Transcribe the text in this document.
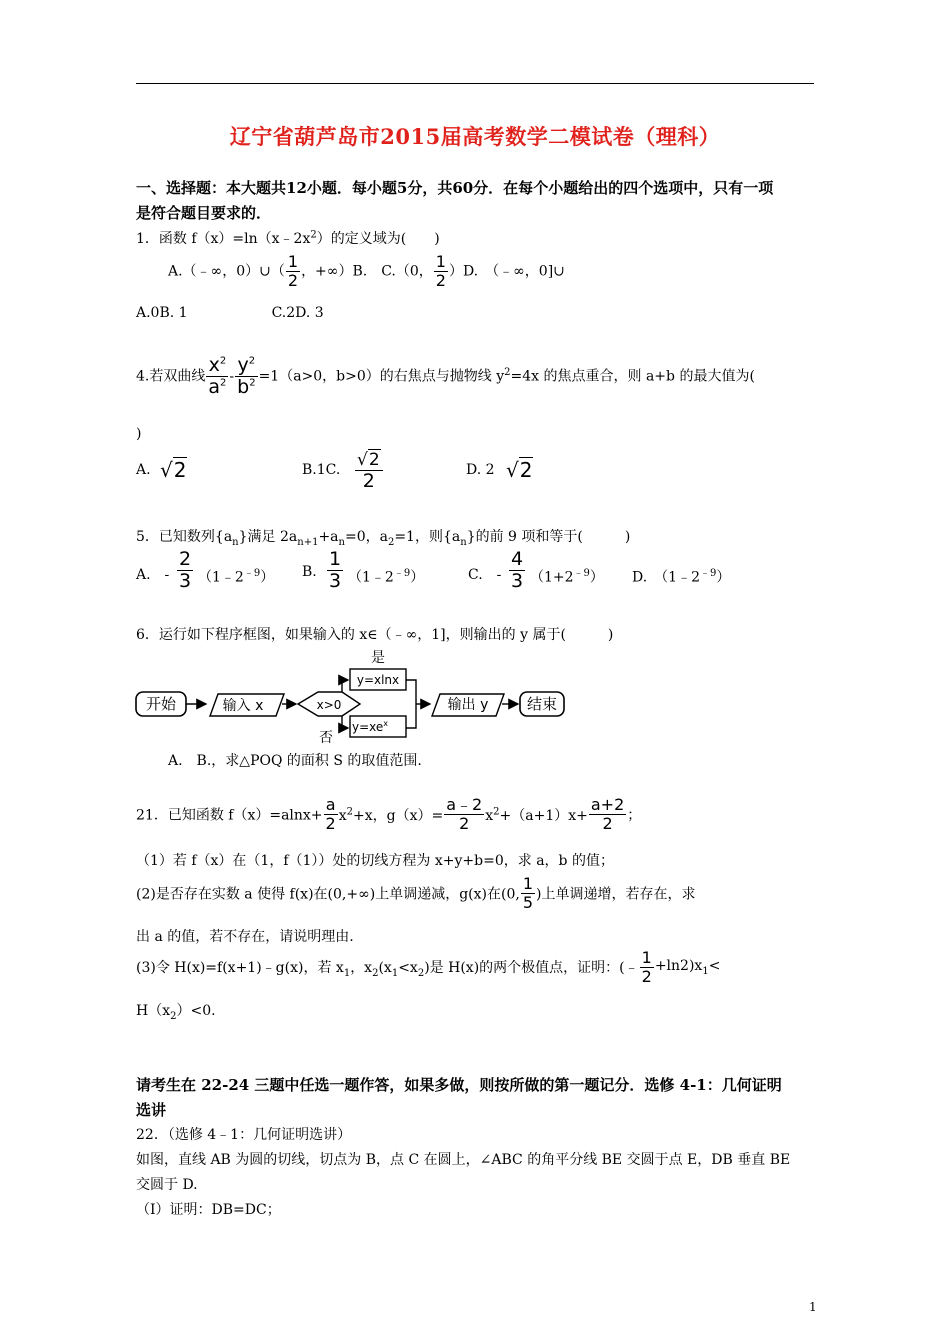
辽宁省葫芦岛市2015届高考数学二模试卷（理科）
一、选择题：本大题共12小题．每小题5分，共60分．在每个小题给出的四个选项中，只有一项
是符合题目要求的．
1．函数 $f(x)=\ln(x﹣2x^2)$的定义域为(　　)
A.（﹣∞，0）∪（ $\frac{1}{2}$ ，+∞）B.　C.（0， $\frac{1}{2} )D$.　（﹣∞，0]∪
A.0B. 1　　　　　　C.2D. 3
4.若双曲线 $\frac{x^2}{a^2} - \frac{y^2}{b^2} =1(a>0$，b>0）的右焦点与抛物线 $y^2=4x$ 的焦点重合，则 a+b 的最大值为(
)
A. √2	B.1C. $\frac{√2}{2}$	D. 2 √2
5．已知数列$\{a_n\}$满足 $2a_{n+1}+a_n=0$，$a_2=1$，则$\{a_n\}$的前 9 项和等于(　　　)
A.　- $\frac{2}{3}$ $(1﹣2^{﹣9})$ B. $\frac{1}{3}$ $(1﹣2^{﹣9})$	C.　- $\frac{4}{3} (1+2^{﹣9})$ D.　$(1﹣2^{﹣9})$
6．运行如下程序框图，如果输入的 x∈（﹣∞，1]，则输出的 y 属于(　　　)
开始	输入 x	x>0
是
y=xlnx
$y=xe^x$
否
输出 y	结束
A.　B.，求△POQ 的面积 S 的取值范围.
21．已知函数 $f(x)=alnx+ \frac{a}{2} x^2+x$，$g(x)= \frac{a﹣2}{2} x^2+(a+1)x+ \frac{a+2}{2}$ ；
（1）若 f（x）在（1，f（1））处的切线方程为 x+y+b=0，求 a，b 的值；
(2)是否存在实数 a 使得 f(x)在(0,+∞)上单调递减，g(x)在(0, $\frac{1}{5}$ )上单调递增，若存在，求
出 a 的值，若不存在，请说明理由.
(3)令 H(x)=f(x+1)﹣g(x)，若 $x_1$，$x_2(x_1<x_2)$是 H(x)的两个极值点，证明：(﹣ $\frac{1}{2} +\ln 2)x_1<$
$H(x_2)<0$.
请考生在 22-24 三题中任选一题作答，如果多做，则按所做的第一题记分．选修 4-1：几何证明
选讲
22．（选修 4﹣1：几何证明选讲）
如图，直线 AB 为圆的切线，切点为 B，点 C 在圆上，∠ABC 的角平分线 BE 交圆于点 E，DB 垂直 BE
交圆于 D.
（Ⅰ）证明：DB=DC；
1
